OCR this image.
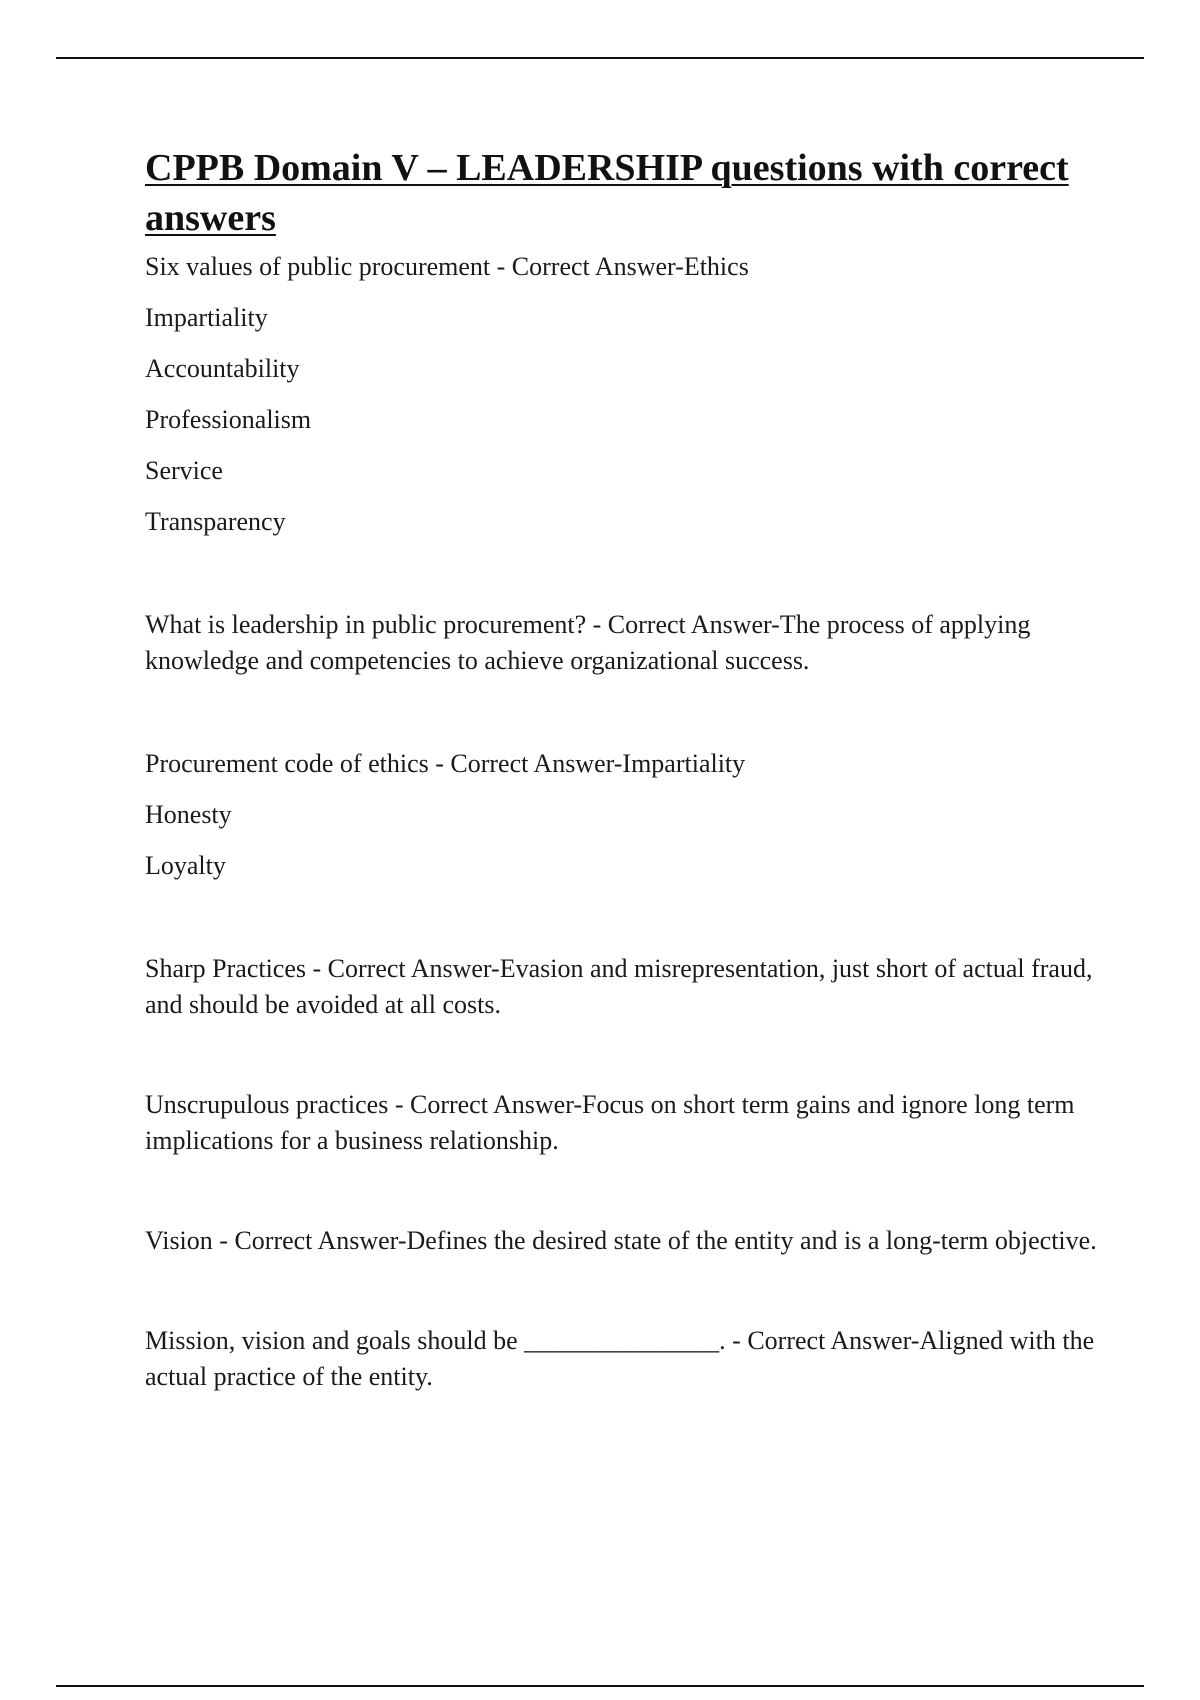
CPPB Domain V – LEADERSHIP questions with correct answers

Six values of public procurement - Correct Answer-Ethics

Impartiality

Accountability

Professionalism

Service

Transparency

What is leadership in public procurement? - Correct Answer-The process of applying knowledge and competencies to achieve organizational success.

Procurement code of ethics - Correct Answer-Impartiality

Honesty

Loyalty

Sharp Practices - Correct Answer-Evasion and misrepresentation, just short of actual fraud, and should be avoided at all costs.

Unscrupulous practices - Correct Answer-Focus on short term gains and ignore long term implications for a business relationship.

Vision - Correct Answer-Defines the desired state of the entity and is a long-term objective.

Mission, vision and goals should be _______________. - Correct Answer-Aligned with the actual practice of the entity.
